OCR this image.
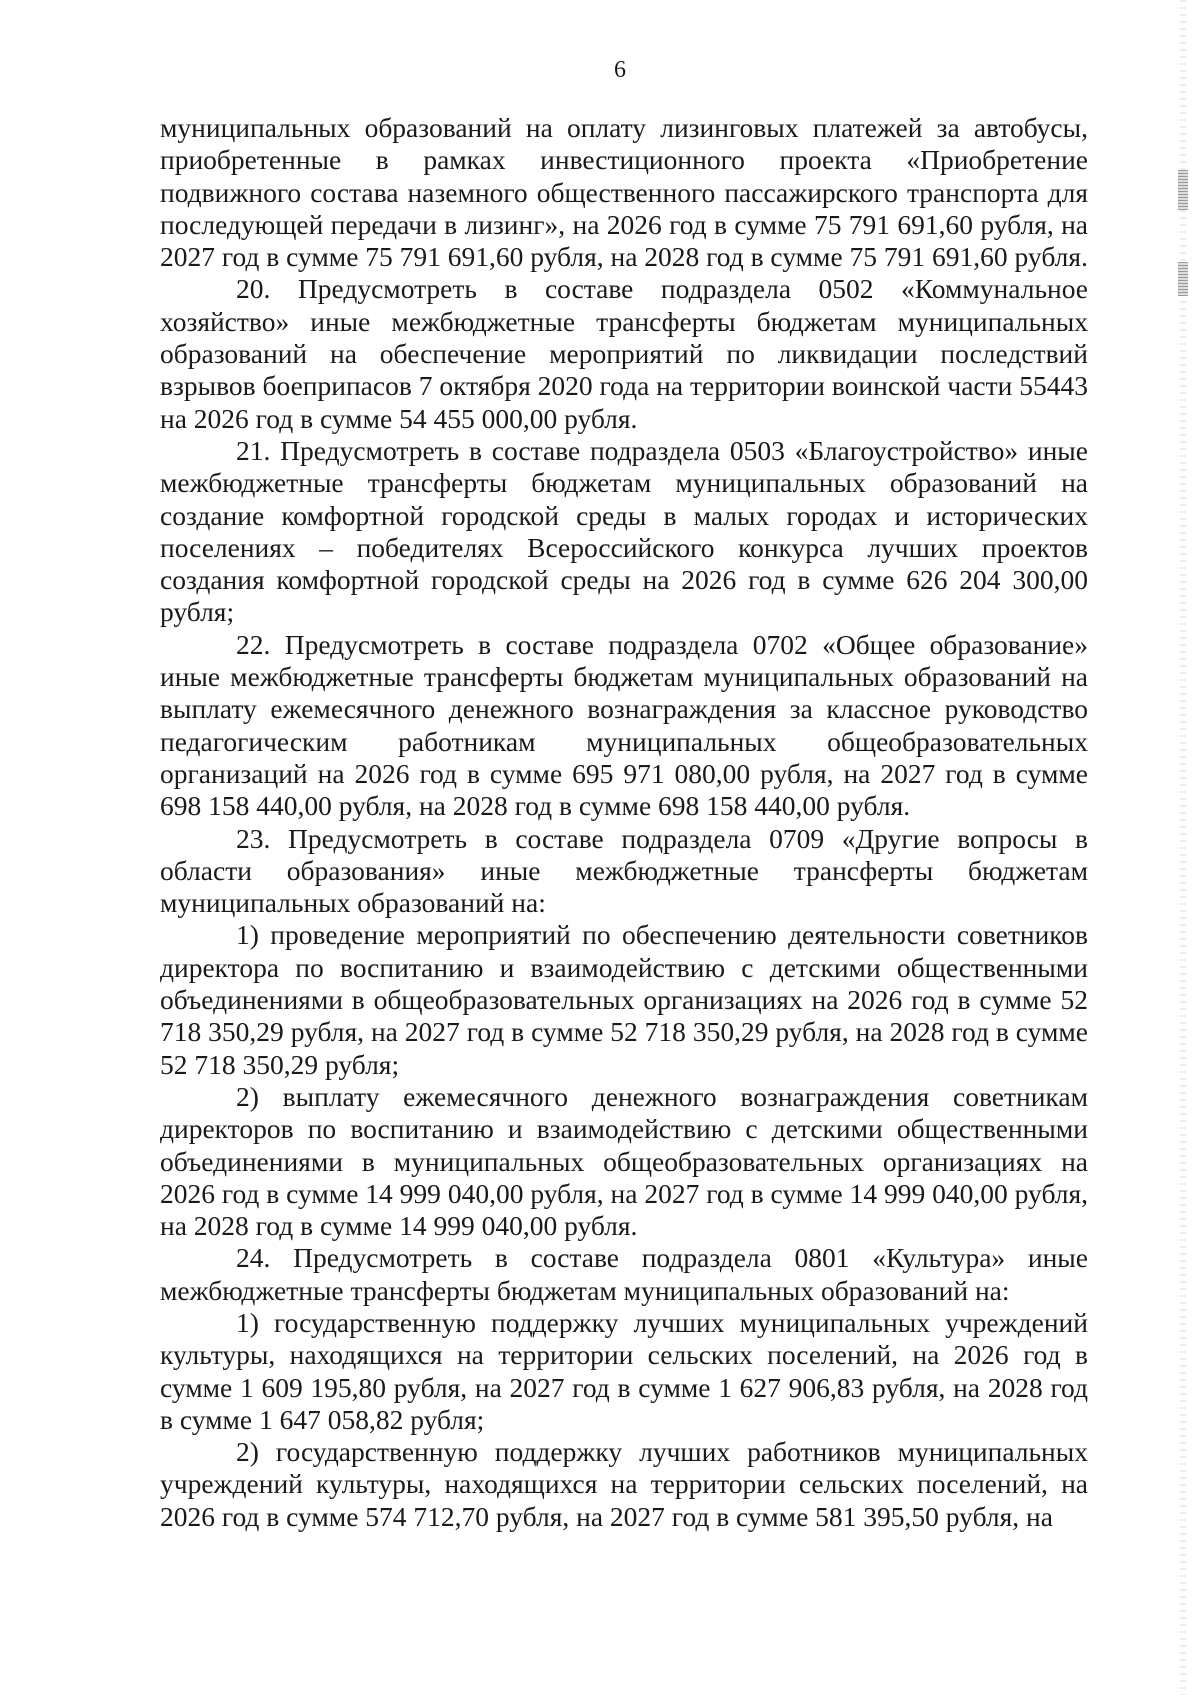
6

муниципальных образований на оплату лизинговых платежей за автобусы, приобретенные в рамках инвестиционного проекта «Приобретение подвижного состава наземного общественного пассажирского транспорта для последующей передачи в лизинг», на 2026 год в сумме 75 791 691,60 рубля, на 2027 год в сумме 75 791 691,60 рубля, на 2028 год в сумме 75 791 691,60 рубля.

20. Предусмотреть в составе подраздела 0502 «Коммунальное хозяйство» иные межбюджетные трансферты бюджетам муниципальных образований на обеспечение мероприятий по ликвидации последствий взрывов боеприпасов 7 октября 2020 года на территории воинской части 55443 на 2026 год в сумме 54 455 000,00 рубля.

21. Предусмотреть в составе подраздела 0503 «Благоустройство» иные межбюджетные трансферты бюджетам муниципальных образований на создание комфортной городской среды в малых городах и исторических поселениях – победителях Всероссийского конкурса лучших проектов создания комфортной городской среды на 2026 год в сумме 626 204 300,00 рубля;

22. Предусмотреть в составе подраздела 0702 «Общее образование» иные межбюджетные трансферты бюджетам муниципальных образований на выплату ежемесячного денежного вознаграждения за классное руководство педагогическим работникам муниципальных общеобразовательных организаций на 2026 год в сумме 695 971 080,00 рубля, на 2027 год в сумме 698 158 440,00 рубля, на 2028 год в сумме 698 158 440,00 рубля.

23. Предусмотреть в составе подраздела 0709 «Другие вопросы в области образования» иные межбюджетные трансферты бюджетам муниципальных образований на:

1) проведение мероприятий по обеспечению деятельности советников директора по воспитанию и взаимодействию с детскими общественными объединениями в общеобразовательных организациях на 2026 год в сумме 52 718 350,29 рубля, на 2027 год в сумме 52 718 350,29 рубля, на 2028 год в сумме 52 718 350,29 рубля;

2) выплату ежемесячного денежного вознаграждения советникам директоров по воспитанию и взаимодействию с детскими общественными объединениями в муниципальных общеобразовательных организациях на 2026 год в сумме 14 999 040,00 рубля, на 2027 год в сумме 14 999 040,00 рубля, на 2028 год в сумме 14 999 040,00 рубля.

24. Предусмотреть в составе подраздела 0801 «Культура» иные межбюджетные трансферты бюджетам муниципальных образований на:

1) государственную поддержку лучших муниципальных учреждений культуры, находящихся на территории сельских поселений, на 2026 год в сумме 1 609 195,80 рубля, на 2027 год в сумме 1 627 906,83 рубля, на 2028 год в сумме 1 647 058,82 рубля;

2) государственную поддержку лучших работников муниципальных учреждений культуры, находящихся на территории сельских поселений, на 2026 год в сумме 574 712,70 рубля, на 2027 год в сумме 581 395,50 рубля, на
